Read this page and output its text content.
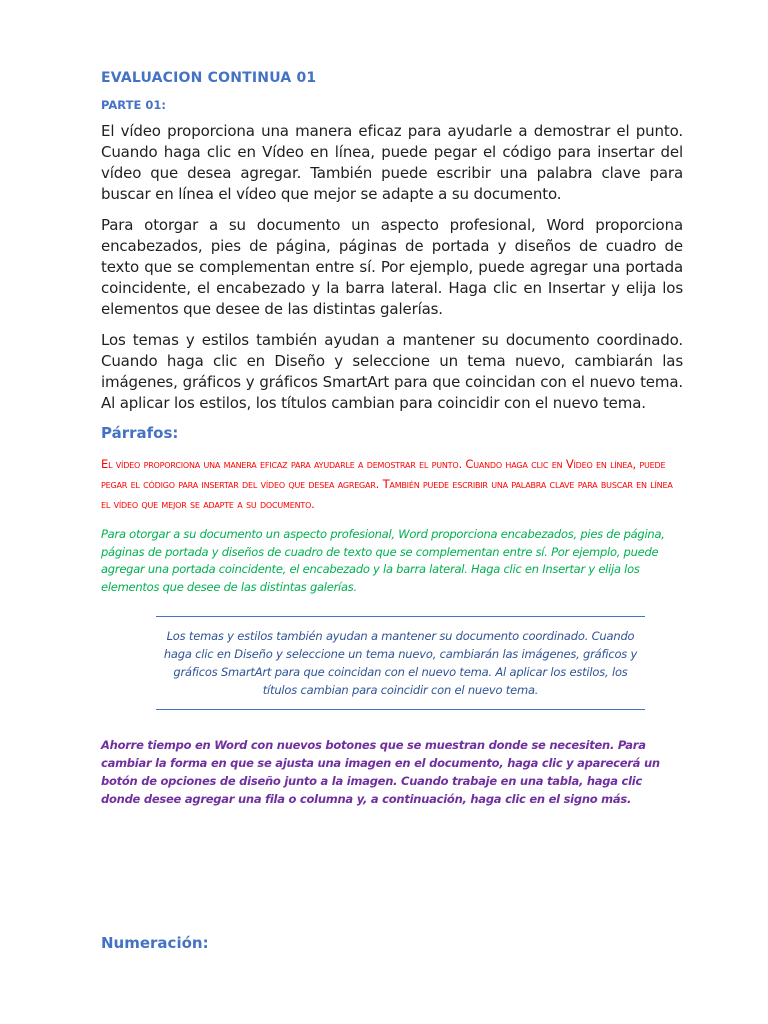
EVALUACION CONTINUA 01
PARTE 01:

El vídeo proporciona una manera eficaz para ayudarle a demostrar el punto. Cuando haga clic en Vídeo en línea, puede pegar el código para insertar del vídeo que desea agregar. También puede escribir una palabra clave para buscar en línea el vídeo que mejor se adapte a su documento.

Para otorgar a su documento un aspecto profesional, Word proporciona encabezados, pies de página, páginas de portada y diseños de cuadro de texto que se complementan entre sí. Por ejemplo, puede agregar una portada coincidente, el encabezado y la barra lateral. Haga clic en Insertar y elija los elementos que desee de las distintas galerías.

Los temas y estilos también ayudan a mantener su documento coordinado. Cuando haga clic en Diseño y seleccione un tema nuevo, cambiarán las imágenes, gráficos y gráficos SmartArt para que coincidan con el nuevo tema. Al aplicar los estilos, los títulos cambian para coincidir con el nuevo tema.

Párrafos:

El vídeo proporciona una manera eficaz para ayudarle a demostrar el punto. Cuando haga clic en Vídeo en línea, puede pegar el código para insertar del vídeo que desea agregar. También puede escribir una palabra clave para buscar en línea el vídeo que mejor se adapte a su documento.

Para otorgar a su documento un aspecto profesional, Word proporciona encabezados, pies de página, páginas de portada y diseños de cuadro de texto que se complementan entre sí. Por ejemplo, puede agregar una portada coincidente, el encabezado y la barra lateral. Haga clic en Insertar y elija los elementos que desee de las distintas galerías.

Los temas y estilos también ayudan a mantener su documento coordinado. Cuando haga clic en Diseño y seleccione un tema nuevo, cambiarán las imágenes, gráficos y gráficos SmartArt para que coincidan con el nuevo tema. Al aplicar los estilos, los títulos cambian para coincidir con el nuevo tema.

Ahorre tiempo en Word con nuevos botones que se muestran donde se necesiten. Para cambiar la forma en que se ajusta una imagen en el documento, haga clic y aparecerá un botón de opciones de diseño junto a la imagen. Cuando trabaje en una tabla, haga clic donde desee agregar una fila o columna y, a continuación, haga clic en el signo más.

Numeración:
